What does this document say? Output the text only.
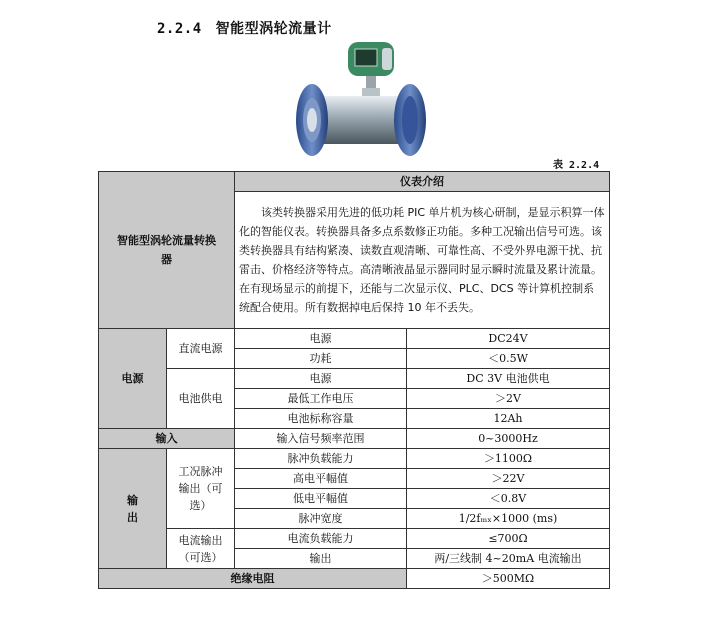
2.2.4 智能型涡轮流量计
表 2.2.4
智能型涡轮流量转换器		仪表介绍	
		该类转换器采用先进的低功耗 PIC 单片机为核心研制，是显示积算一体化的智能仪表。转换器具备多点系数修正功能。多种工况输出信号可选。该类转换器具有结构紧凑、读数直观清晰、可靠性高、不受外界电源干扰、抗雷击、价格经济等特点。高清晰液晶显示器同时显示瞬时流量及累计流量。在有现场显示的前提下，还能与二次显示仪、PLC、DCS 等计算机控制系统配合使用。所有数据掉电后保持 10 年不丢失。	
电源	直流电源	电源	DC24V
		功耗	＜0.5W
	电池供电	电源	DC 3V 电池供电
		最低工作电压	＞2V
		电池标称容量	12Ah
输入		输入信号频率范围	0~3000Hz
输出	工况脉冲输出（可选）	脉冲负载能力	＞1100Ω
		高电平幅值	＞22V
		低电平幅值	＜0.8V
		脉冲宽度	1/2fₘₓ×1000 (ms)
	电流输出（可选）	电流负载能力	≤700Ω
		输出	两/三线制 4~20mA 电流输出
绝缘电阻			＞500MΩ
